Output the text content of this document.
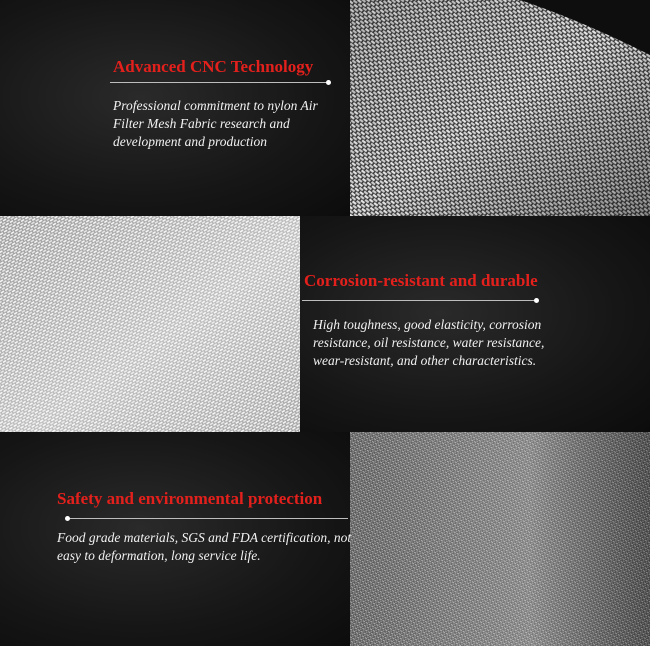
Advanced CNC Technology

Professional commitment to nylon Air Filter Mesh Fabric research and development and production

Corrosion-resistant and durable

High toughness, good elasticity, corrosion resistance, oil resistance, water resistance, wear-resistant, and other characteristics.

Safety and environmental protection

Food grade materials, SGS and FDA certification, not easy to deformation, long service life.
